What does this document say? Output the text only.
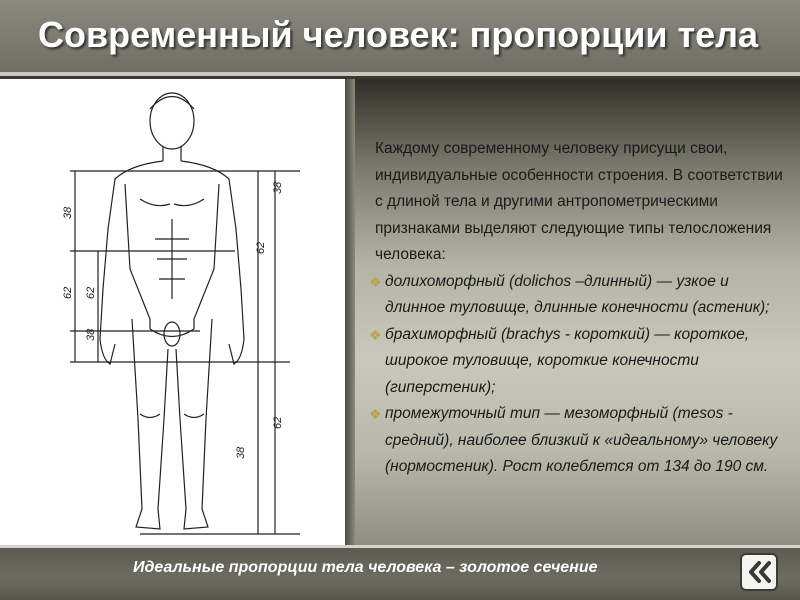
Современный человек: пропорции тела
38
62 62
38
62
38
38
62

Каждому современному человеку присущи свои, индивидуальные особенности строения. В соответствии с длиной тела и другими антропометрическими признаками выделяют следующие типы телосложения человека:

❖ долихоморфный (dolichos –длинный) — узкое и длинное туловище, длинные конечности (астеник);
❖ брахиморфный (brachys - короткий) — короткое, широкое туловище, короткие конечности (гиперстеник);
❖ промежуточный тип — мезоморфный (mesos - средний), наиболее близкий к «идеальному» человеку (нормостеник). Рост колеблется от 134 до 190 см.
Идеальные пропорции тела человека – золотое сечение
